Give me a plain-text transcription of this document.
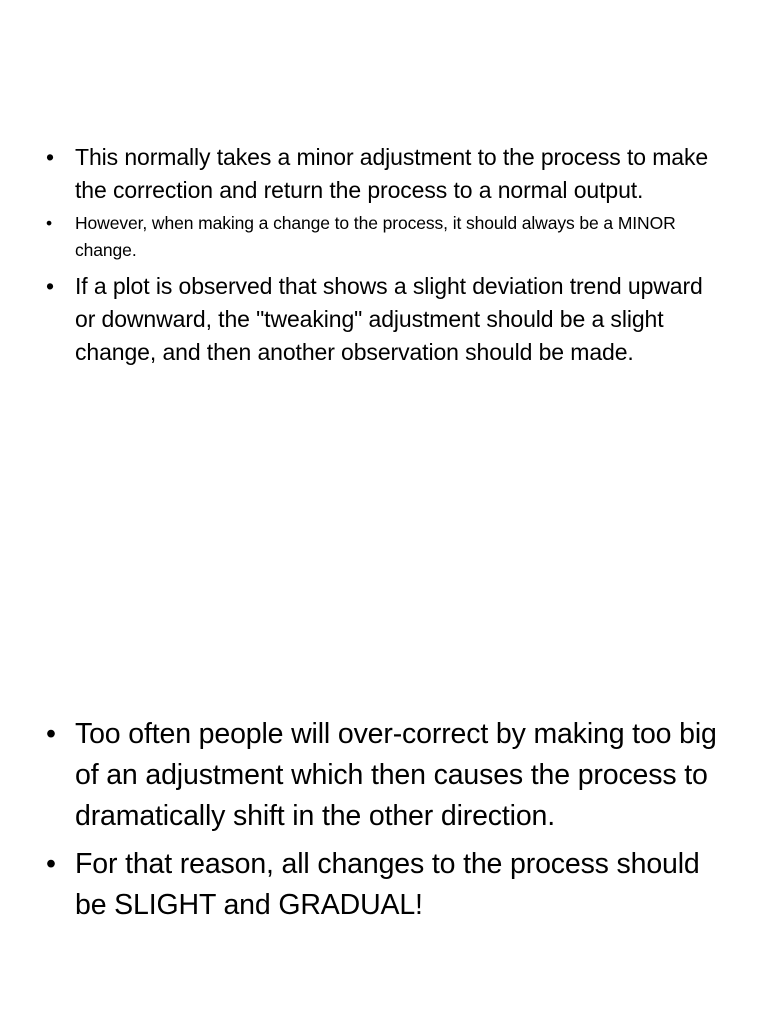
• This normally takes a minor adjustment to the process to make the correction and return the process to a normal output.
• However, when making a change to the process, it should always be a MINOR change.
• If a plot is observed that shows a slight deviation trend upward or downward, the "tweaking" adjustment should be a slight change, and then another observation should be made.
• Too often people will over-correct by making too big of an adjustment which then causes the process to dramatically shift in the other direction.
• For that reason, all changes to the process should be SLIGHT and GRADUAL!
